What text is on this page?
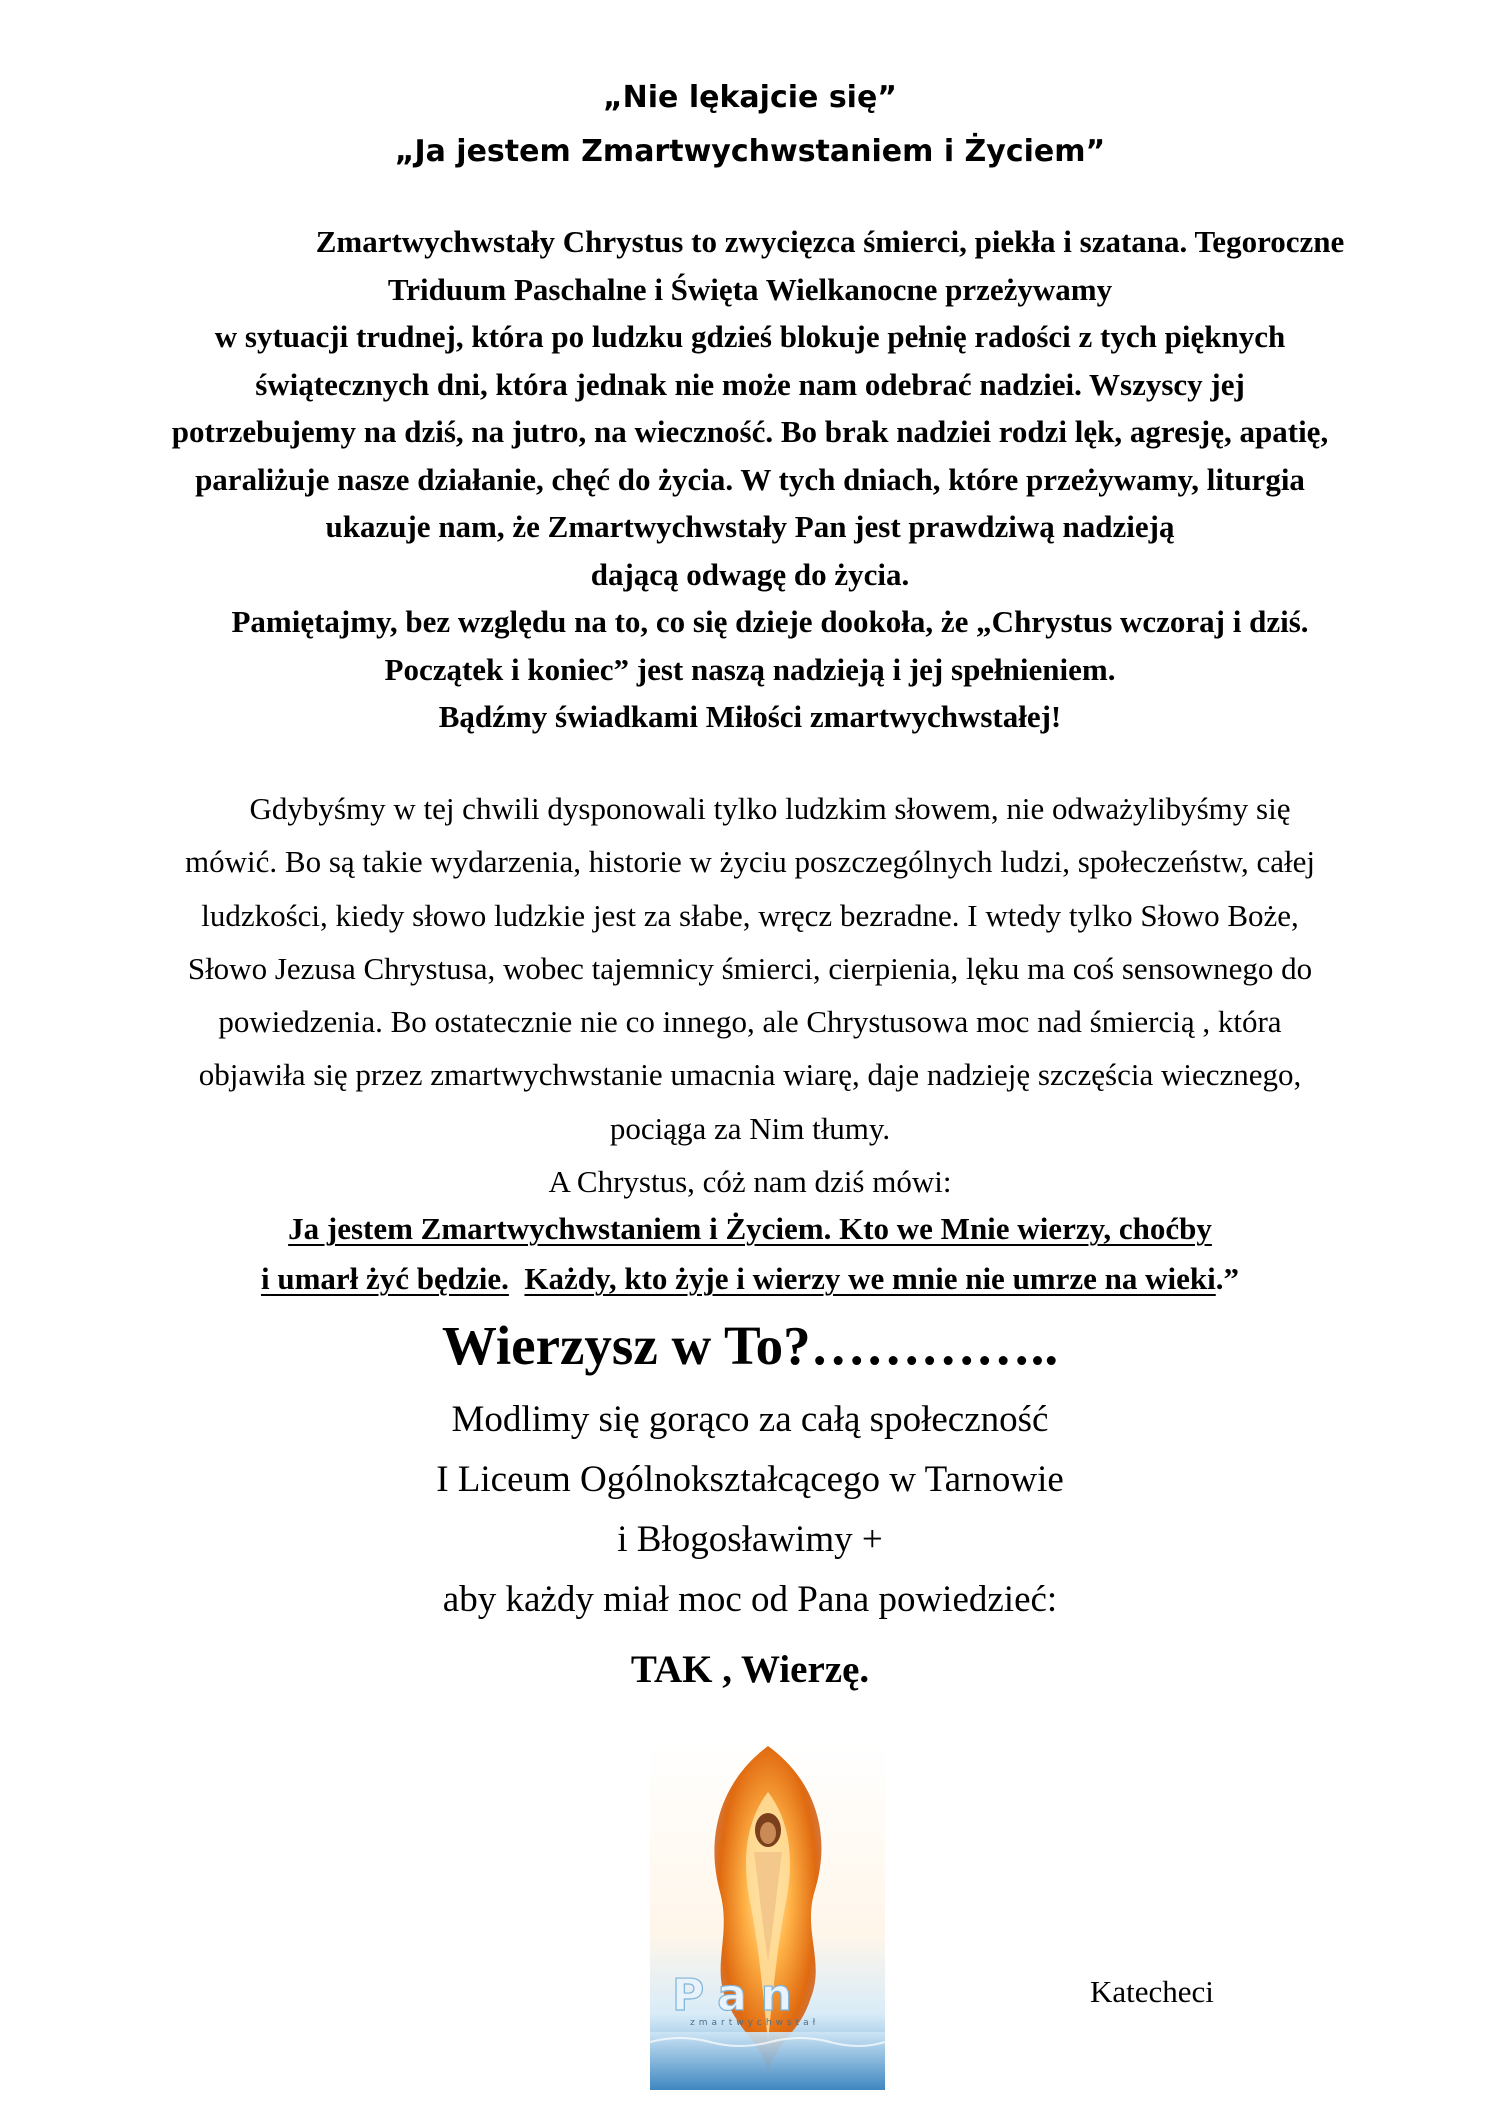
„Nie lękajcie się”

„Ja jestem Zmartwychwstaniem i Życiem”

Zmartwychwstały Chrystus to zwycięzca śmierci, piekła i szatana. Tegoroczne
Triduum Paschalne i Święta Wielkanocne przeżywamy
w sytuacji trudnej, która po ludzku gdzieś blokuje pełnię radości z tych pięknych
świątecznych dni, która jednak nie może nam odebrać nadziei. Wszyscy jej
potrzebujemy na dziś, na jutro, na wieczność. Bo brak nadziei rodzi lęk, agresję, apatię,
paraliżuje nasze działanie, chęć do życia. W tych dniach, które przeżywamy, liturgia
ukazuje nam, że Zmartwychwstały Pan jest prawdziwą nadzieją
dającą odwagę do życia.
Pamiętajmy, bez względu na to, co się dzieje dookoła, że „Chrystus wczoraj i dziś.
Początek i koniec” jest naszą nadzieją i jej spełnieniem.
Bądźmy świadkami Miłości zmartwychwstałej!
Gdybyśmy w tej chwili dysponowali tylko ludzkim słowem, nie odważylibyśmy się
mówić. Bo są takie wydarzenia, historie w życiu poszczególnych ludzi, społeczeństw, całej
ludzkości, kiedy słowo ludzkie jest za słabe, wręcz bezradne. I wtedy tylko Słowo Boże,
Słowo Jezusa Chrystusa, wobec tajemnicy śmierci, cierpienia, lęku ma coś sensownego do
powiedzenia. Bo ostatecznie nie co innego, ale Chrystusowa moc nad śmiercią , która
objawiła się przez zmartwychwstanie umacnia wiarę, daje nadzieję szczęścia wiecznego,
pociąga za Nim tłumy.
A Chrystus, cóż nam dziś mówi:

Ja jestem Zmartwychwstaniem i Życiem. Kto we Mnie wierzy, choćby

i umarł żyć będzie. Każdy, kto żyje i wierzy we mnie nie umrze na wieki.”

Wierzysz w To?…………..

Modlimy się gorąco za całą społeczność
I Liceum Ogólnokształcącego w Tarnowie
i Błogosławimy +
aby każdy miał moc od Pana powiedzieć:

TAK , Wierzę.

Pan
zmartwychwstał

Katecheci
